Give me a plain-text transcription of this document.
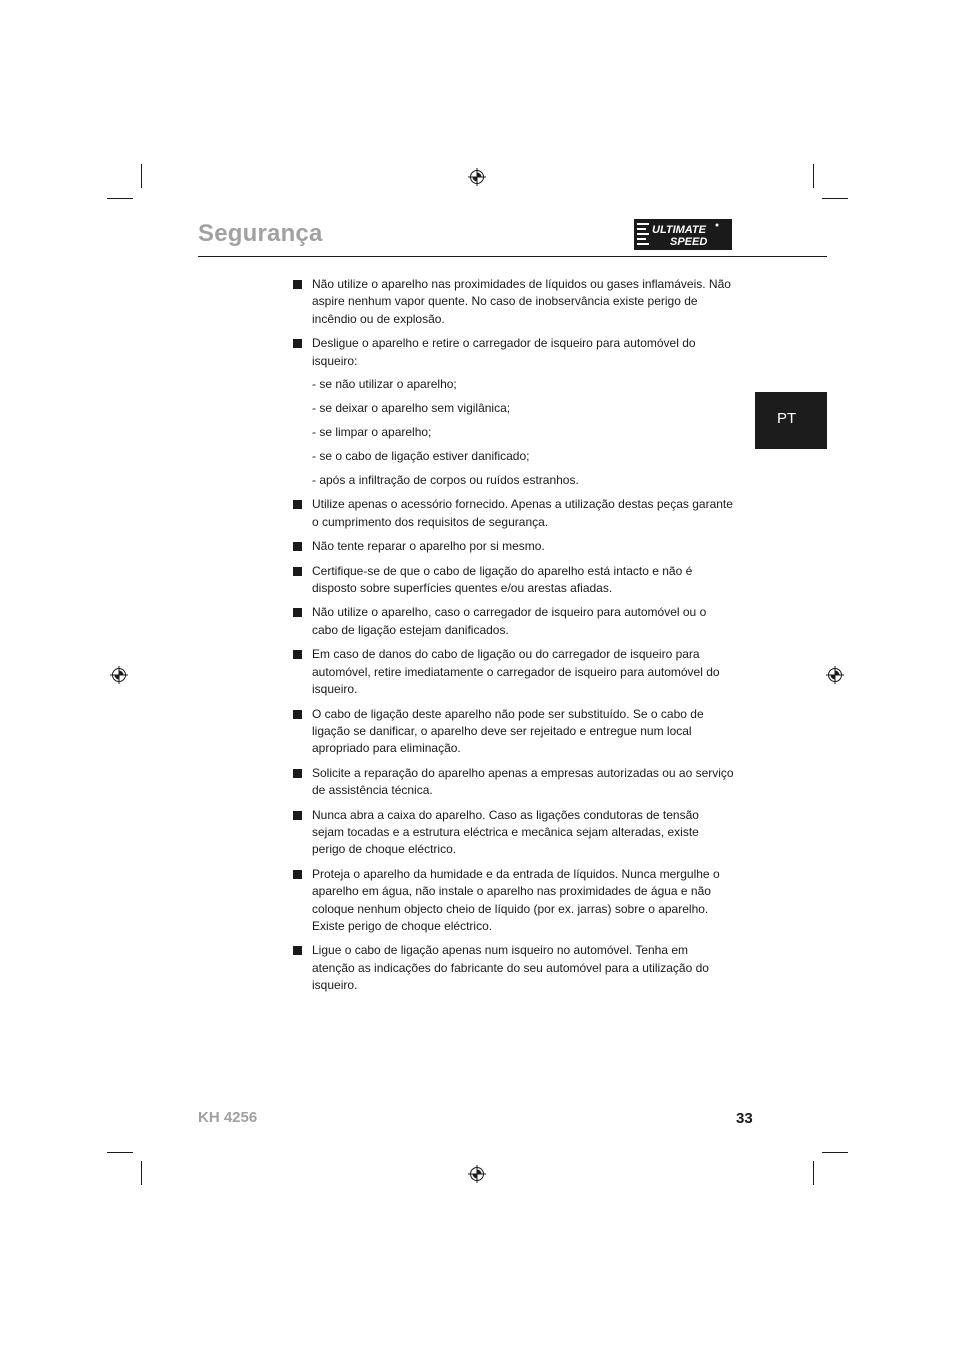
Segurança	ULTIMATE
SPEED
PT
Não utilize o aparelho nas proximidades de líquidos ou gases inflamáveis. Não aspire nenhum vapor quente. No caso de inobservância existe perigo de incêndio ou de explosão.
Desligue o aparelho e retire o carregador de isqueiro para automóvel do isqueiro:
- se não utilizar o aparelho;
- se deixar o aparelho sem vigilânica;
- se limpar o aparelho;
- se o cabo de ligação estiver danificado;
- após a infiltração de corpos ou ruídos estranhos.
Utilize apenas o acessório fornecido. Apenas a utilização destas peças garante o cumprimento dos requisitos de segurança.
Não tente reparar o aparelho por si mesmo.
Certifique-se de que o cabo de ligação do aparelho está intacto e não é disposto sobre superfícies quentes e/ou arestas afiadas.
Não utilize o aparelho, caso o carregador de isqueiro para automóvel ou o cabo de ligação estejam danificados.
Em caso de danos do cabo de ligação ou do carregador de isqueiro para automóvel, retire imediatamente o carregador de isqueiro para automóvel do isqueiro.
O cabo de ligação deste aparelho não pode ser substituído. Se o cabo de ligação se danificar, o aparelho deve ser rejeitado e entregue num local apropriado para eliminação.
Solicite a reparação do aparelho apenas a empresas autorizadas ou ao serviço de assistência técnica.
Nunca abra a caixa do aparelho. Caso as ligações condutoras de tensão sejam tocadas e a estrutura eléctrica e mecânica sejam alteradas, existe perigo de choque eléctrico.
Proteja o aparelho da humidade e da entrada de líquidos. Nunca mergulhe o aparelho em água, não instale o aparelho nas proximidades de água e não coloque nenhum objecto cheio de líquido (por ex. jarras) sobre o aparelho. Existe perigo de choque eléctrico.
Ligue o cabo de ligação apenas num isqueiro no automóvel. Tenha em atenção as indicações do fabricante do seu automóvel para a utilização do isqueiro.
KH 4256	33
